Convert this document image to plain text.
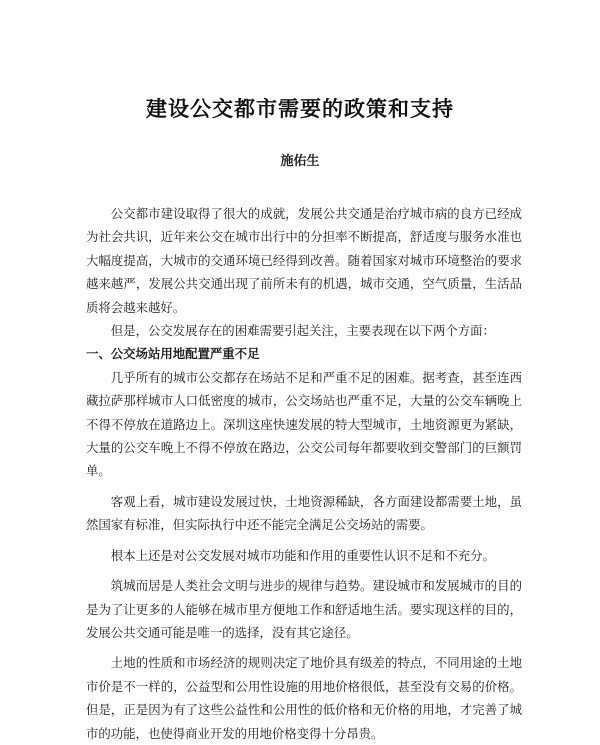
建设公交都市需要的政策和支持
施佑生

公交都市建设取得了很大的成就，发展公共交通是治疗城市病的良方已经成为社会共识，近年来公交在城市出行中的分担率不断提高，舒适度与服务水准也大幅度提高，大城市的交通环境已经得到改善。随着国家对城市环境整治的要求越来越严，发展公共交通出现了前所未有的机遇，城市交通，空气质量，生活品质将会越来越好。

但是，公交发展存在的困难需要引起关注，主要表现在以下两个方面：

一、公交场站用地配置严重不足

几乎所有的城市公交都存在场站不足和严重不足的困难。据考查，甚至连西藏拉萨那样城市人口低密度的城市，公交场站也严重不足，大量的公交车辆晚上不得不停放在道路边上。深圳这座快速发展的特大型城市，土地资源更为紧缺，大量的公交车晚上不得不停放在路边，公交公司每年都要收到交警部门的巨额罚单。

客观上看，城市建设发展过快，土地资源稀缺，各方面建设都需要土地，虽然国家有标准，但实际执行中还不能完全满足公交场站的需要。

根本上还是对公交发展对城市功能和作用的重要性认识不足和不充分。

筑城而居是人类社会文明与进步的规律与趋势。建设城市和发展城市的目的是为了让更多的人能够在城市里方便地工作和舒适地生活。要实现这样的目的，发展公共交通可能是唯一的选择，没有其它途径。

土地的性质和市场经济的规则决定了地价具有级差的特点，不同用途的土地市价是不一样的，公益型和公用性设施的用地价格很低，甚至没有交易的价格。但是，正是因为有了这些公益性和公用性的低价格和无价格的用地，才完善了城市的功能，也使得商业开发的用地价格变得十分昂贵。
